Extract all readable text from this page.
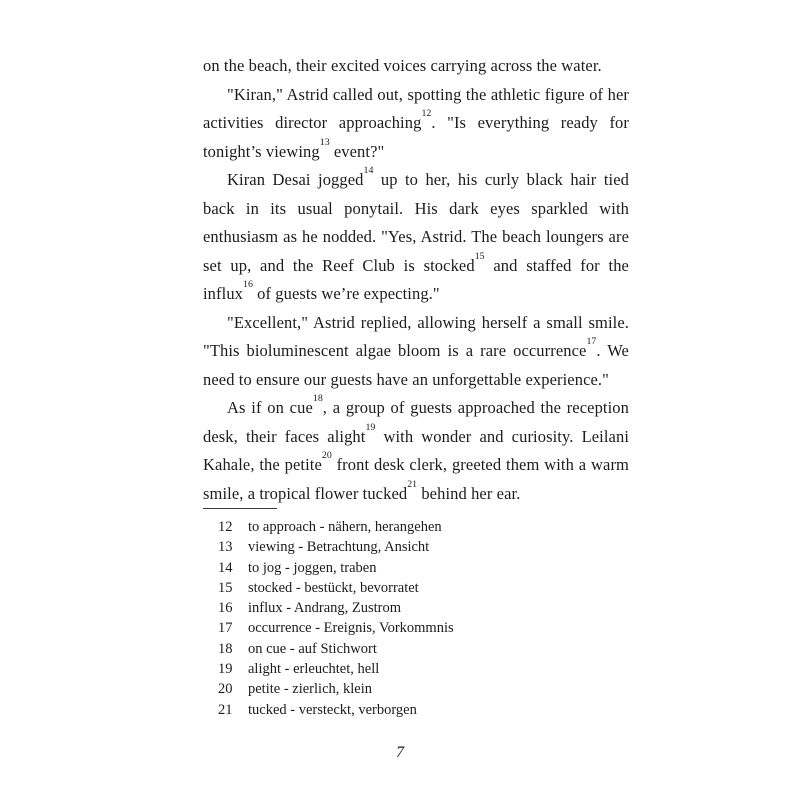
on the beach, their excited voices carrying across the water.

"Kiran," Astrid called out, spotting the athletic figure of her activities director approaching$^{12}$. "Is everything ready for tonight’s viewing$^{13}$ event?"

Kiran Desai jogged$^{14}$ up to her, his curly black hair tied back in its usual ponytail. His dark eyes sparkled with enthusiasm as he nodded. "Yes, Astrid. The beach loungers are set up, and the Reef Club is stocked$^{15}$ and staffed for the influx$^{16}$ of guests we’re expecting."

"Excellent," Astrid replied, allowing herself a small smile. "This bioluminescent algae bloom is a rare occurrence$^{17}$. We need to ensure our guests have an unforgettable experience."

As if on cue$^{18}$, a group of guests approached the reception desk, their faces alight$^{19}$ with wonder and curiosity. Leilani Kahale, the petite$^{20}$ front desk clerk, greeted them with a warm smile, a tropical flower tucked$^{21}$ behind her ear.

12	to approach - nähern, herangehen
13	viewing - Betrachtung, Ansicht
14	to jog - joggen, traben
15	stocked - bestückt, bevorratet
16	influx - Andrang, Zustrom
17	occurrence - Ereignis, Vorkommnis
18	on cue - auf Stichwort
19	alight - erleuchtet, hell
20	petite - zierlich, klein
21	tucked - versteckt, verborgen
7
